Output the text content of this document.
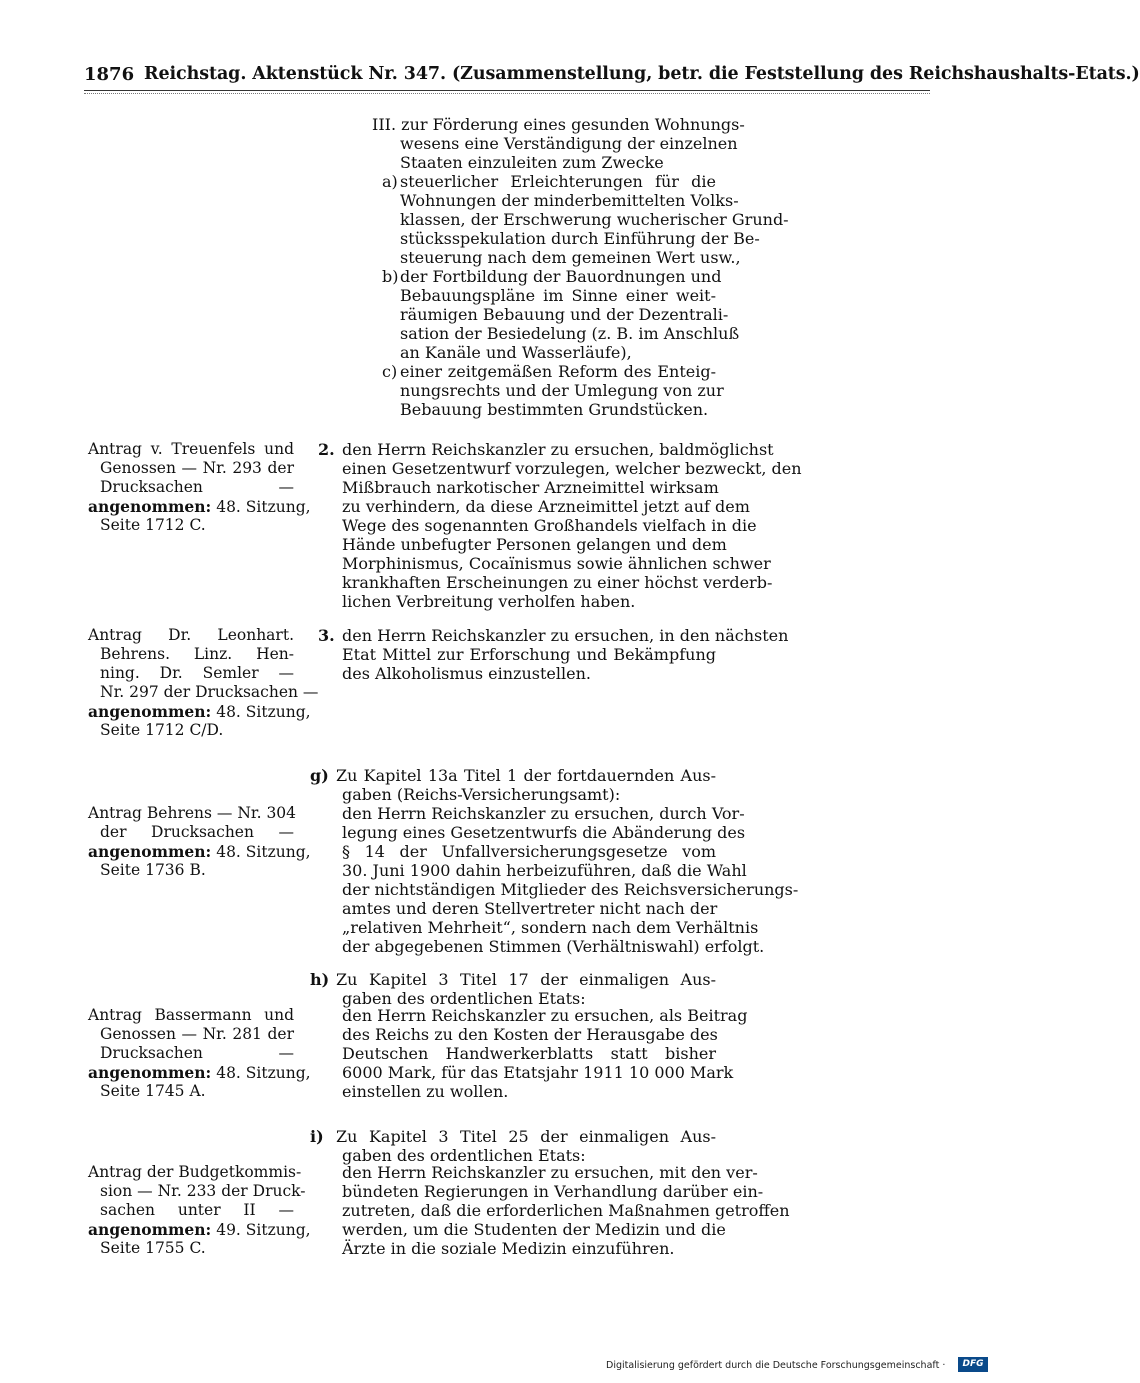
1876 Reichstag. Aktenstück Nr. 347. (Zusammenstellung, betr. die Feststellung des Reichshaushalts-Etats.)
III. zur Förderung eines gesunden Wohnungs-
wesens eine Verständigung der einzelnen
Staaten einzuleiten zum Zwecke
a) steuerlicher Erleichterungen für die
Wohnungen der minderbemittelten Volks-
klassen, der Erschwerung wucherischer Grund-
stücksspekulation durch Einführung der Be-
steuerung nach dem gemeinen Wert usw.,
b) der Fortbildung der Bauordnungen und
Bebauungspläne im Sinne einer weit-
räumigen Bebauung und der Dezentrali-
sation der Besiedelung (z. B. im Anschluß
an Kanäle und Wasserläufe),
c) einer zeitgemäßen Reform des Enteig-
nungsrechts und der Umlegung von zur
Bebauung bestimmten Grundstücken.
Antrag v. Treuenfels und
Genossen — Nr. 293 der
Drucksachen —
angenommen: 48. Sitzung,
Seite 1712 C.
2. den Herrn Reichskanzler zu ersuchen, baldmöglichst
einen Gesetzentwurf vorzulegen, welcher bezweckt, den
Mißbrauch narkotischer Arzneimittel wirksam
zu verhindern, da diese Arzneimittel jetzt auf dem
Wege des sogenannten Großhandels vielfach in die
Hände unbefugter Personen gelangen und dem
Morphinismus, Cocaïnismus sowie ähnlichen schwer
krankhaften Erscheinungen zu einer höchst verderb-
lichen Verbreitung verholfen haben.
Antrag Dr. Leonhart.
Behrens. Linz. Hen-
ning. Dr. Semler —
Nr. 297 der Drucksachen —
angenommen: 48. Sitzung,
Seite 1712 C/D.
3. den Herrn Reichskanzler zu ersuchen, in den nächsten
Etat Mittel zur Erforschung und Bekämpfung
des Alkoholismus einzustellen.
Antrag Behrens — Nr. 304
der Drucksachen —
angenommen: 48. Sitzung,
Seite 1736 B.
g) Zu Kapitel 13a Titel 1 der fortdauernden Aus-
gaben (Reichs-Versicherungsamt):
den Herrn Reichskanzler zu ersuchen, durch Vor-
legung eines Gesetzentwurfs die Abänderung des
§ 14 der Unfallversicherungsgesetze vom
30. Juni 1900 dahin herbeizuführen, daß die Wahl
der nichtständigen Mitglieder des Reichsversicherungs-
amtes und deren Stellvertreter nicht nach der
„relativen Mehrheit“, sondern nach dem Verhältnis
der abgegebenen Stimmen (Verhältniswahl) erfolgt.
Antrag Bassermann und
Genossen — Nr. 281 der
Drucksachen —
angenommen: 48. Sitzung,
Seite 1745 A.
h) Zu Kapitel 3 Titel 17 der einmaligen Aus-
gaben des ordentlichen Etats:
den Herrn Reichskanzler zu ersuchen, als Beitrag
des Reichs zu den Kosten der Herausgabe des
Deutschen Handwerkerblatts statt bisher
6000 Mark, für das Etatsjahr 1911 10 000 Mark
einstellen zu wollen.
Antrag der Budgetkommis-
sion — Nr. 233 der Druck-
sachen unter II —
angenommen: 49. Sitzung,
Seite 1755 C.
i) Zu Kapitel 3 Titel 25 der einmaligen Aus-
gaben des ordentlichen Etats:
den Herrn Reichskanzler zu ersuchen, mit den ver-
bündeten Regierungen in Verhandlung darüber ein-
zutreten, daß die erforderlichen Maßnahmen getroffen
werden, um die Studenten der Medizin und die
Ärzte in die soziale Medizin einzuführen.
Digitalisierung gefördert durch die Deutsche Forschungsgemeinschaft ·	DFG
